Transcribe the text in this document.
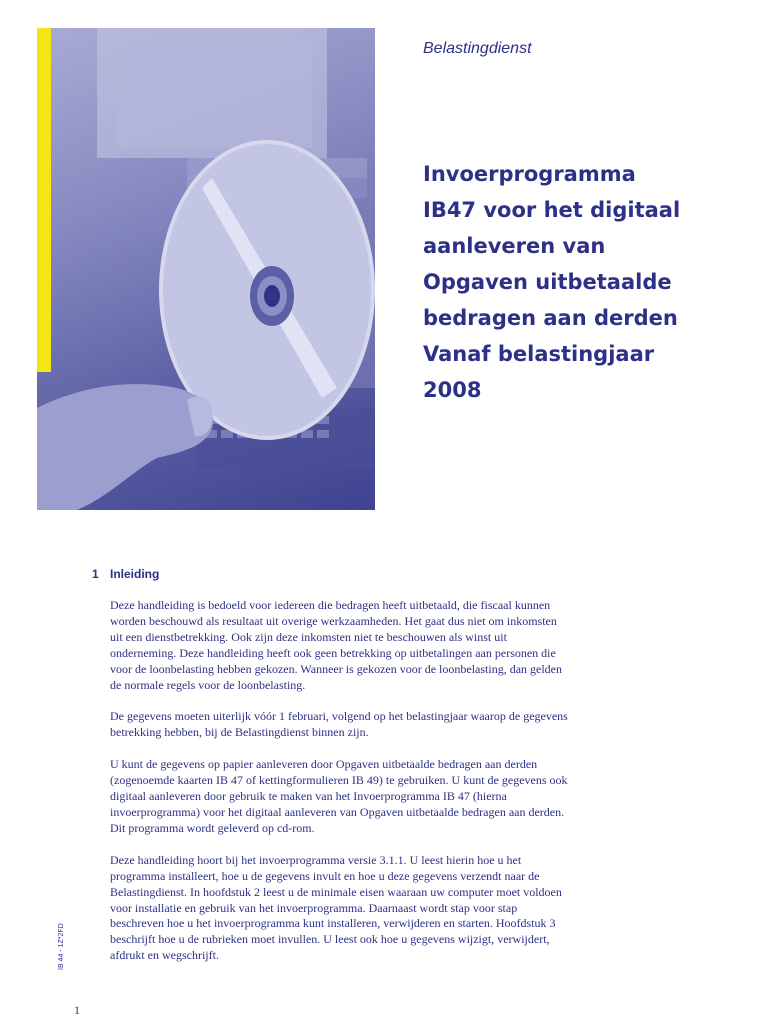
Belastingdienst
Invoerprogramma
IB47 voor het digitaal
aanleveren van
Opgaven uitbetaalde
bedragen aan derden
Vanaf belastingjaar
2008
1 Inleiding

Deze handleiding is bedoeld voor iedereen die bedragen heeft uitbetaald, die fiscaal kunnen worden beschouwd als resultaat uit overige werkzaamheden. Het gaat dus niet om inkomsten uit een dienstbetrekking. Ook zijn deze inkomsten niet te beschouwen als winst uit onderneming. Deze handleiding heeft ook geen betrekking op uitbetalingen aan personen die voor de loonbelasting hebben gekozen. Wanneer is gekozen voor de loonbelasting, dan gelden de normale regels voor de loonbelasting.

De gegevens moeten uiterlijk vóór 1 februari, volgend op het belastingjaar waarop de gegevens betrekking hebben, bij de Belastingdienst binnen zijn.

U kunt de gegevens op papier aanleveren door Opgaven uitbetaalde bedragen aan derden (zogenoemde kaarten IB 47 of kettingformulieren IB 49) te gebruiken. U kunt de gegevens ook digitaal aanleveren door gebruik te maken van het Invoerprogramma IB 47 (hierna invoerprogramma) voor het digitaal aanleveren van Opgaven uitbetaalde bedragen aan derden. Dit programma wordt geleverd op cd-rom.

Deze handleiding hoort bij het invoerprogramma versie 3.1.1. U leest hierin hoe u het programma installeert, hoe u de gegevens invult en hoe u deze gegevens verzendt naar de Belastingdienst. In hoofdstuk 2 leest u de minimale eisen waaraan uw computer moet voldoen voor installatie en gebruik van het invoerprogramma. Daarnaast wordt stap voor stap beschreven hoe u het invoerprogramma kunt installeren, verwijderen en starten. Hoofdstuk 3 beschrijft hoe u de rubrieken moet invullen. U leest ook hoe u gegevens wijzigt, verwijdert, afdrukt en wegschrijft.

IB 44 - 1Z*2FD
1
